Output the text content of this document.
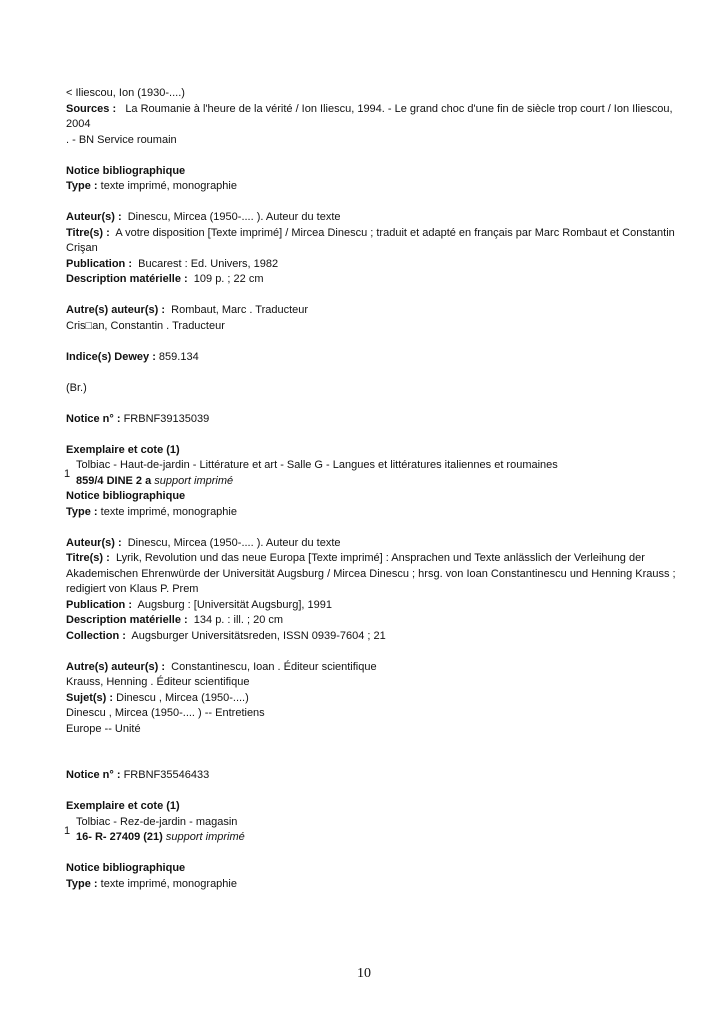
< Iliescou, Ion (1930-....)
Sources : La Roumanie à l'heure de la vérité / Ion Iliescu, 1994. - Le grand choc d'une fin de siècle trop court / Ion Iliescou, 2004
. - BN Service roumain
Notice bibliographique
Type : texte imprimé, monographie
Auteur(s) : Dinescu, Mircea (1950-.... ). Auteur du texte
Titre(s) : A votre disposition [Texte imprimé] / Mircea Dinescu ; traduit et adapté en français par Marc Rombaut et Constantin Crişan
Publication : Bucarest : Ed. Univers, 1982
Description matérielle : 109 p. ; 22 cm
Autre(s) auteur(s) : Rombaut, Marc . Traducteur
Cris□an, Constantin . Traducteur
Indice(s) Dewey : 859.134
(Br.)
Notice n° : FRBNF39135039
Exemplaire et cote (1)
1
Tolbiac - Haut-de-jardin - Littérature et art - Salle G - Langues et littératures italiennes et roumaines
859/4 DINE 2 a support imprimé
Notice bibliographique
Type : texte imprimé, monographie
Auteur(s) : Dinescu, Mircea (1950-.... ). Auteur du texte
Titre(s) : Lyrik, Revolution und das neue Europa [Texte imprimé] : Ansprachen und Texte anlässlich der Verleihung der Akademischen Ehrenwürde der Universität Augsburg / Mircea Dinescu ; hrsg. von Ioan Constantinescu und Henning Krauss ; redigiert von Klaus P. Prem
Publication : Augsburg : [Universität Augsburg], 1991
Description matérielle : 134 p. : ill. ; 20 cm
Collection : Augsburger Universitätsreden, ISSN 0939-7604 ; 21
Autre(s) auteur(s) : Constantinescu, Ioan . Éditeur scientifique
Krauss, Henning . Éditeur scientifique
Sujet(s) : Dinescu , Mircea (1950-....)
Dinescu , Mircea (1950-.... ) -- Entretiens
Europe -- Unité
Notice n° : FRBNF35546433
Exemplaire et cote (1)
1
Tolbiac - Rez-de-jardin - magasin
16- R- 27409 (21) support imprimé
Notice bibliographique
Type : texte imprimé, monographie
10
